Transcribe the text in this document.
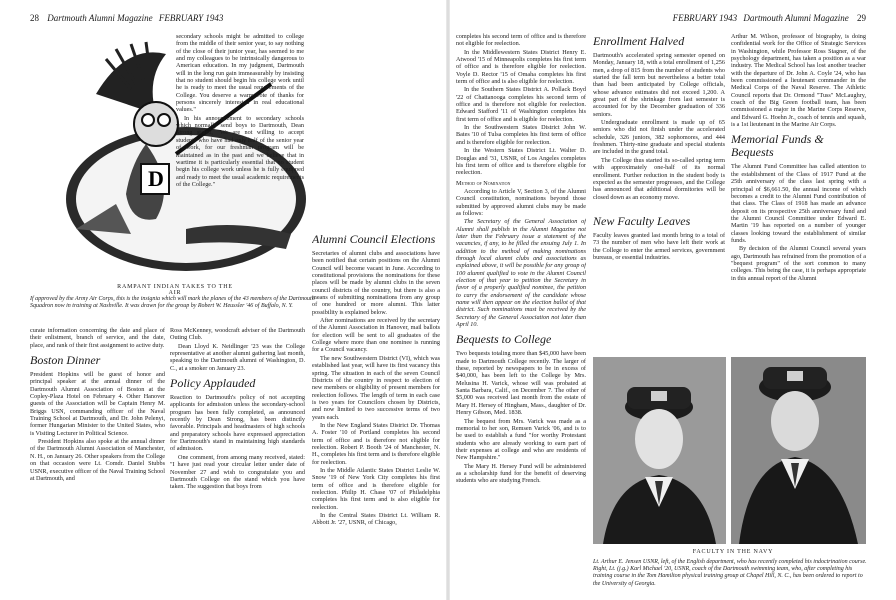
28 Dartmouth Alumni Magazine FEBRUARY 1943
D
RAMPANT INDIAN TAKES TO THE AIR
If approved by the Army Air Corps, this is the insignia which will mark the planes of the 43 members of the Dartmouth Squadron now in training at Nashville. It was drawn for the group by Robert W. Heussler '46 of Buffalo, N. Y.

curate information concerning the date and place of their enlistment, branch of service, and the date, place, and rank of their first assignment to active duty.

Boston Dinner

President Hopkins will be guest of honor and principal speaker at the annual dinner of the Dartmouth Alumni Association of Boston at the Copley-Plaza Hotel on February 4. Other Hanover guests of the Association will be Captain Henry M. Briggs USN, commanding officer of the Naval Training School at Dartmouth, and Dr. John Pelenyi, former Hungarian Minister to the United States, who is Visiting Lecturer in Political Science.

President Hopkins also spoke at the annual dinner of the Dartmouth Alumni Association of Manchester, N. H., on January 26. Other speakers from the College on that occasion were Lt. Comdr. Daniel Stubbs USNR, executive officer of the Naval Training School at Dartmouth, and

Ross McKenney, woodcraft adviser of the Dartmouth Outing Club.

Dean Lloyd K. Neidlinger '23 was the College representative at another alumni gathering last month, speaking to the Dartmouth alumni of Washington, D. C., at a smoker on January 23.

Policy Applauded

Reaction to Dartmouth's policy of not accepting applicants for admission unless the secondary-school program has been fully completed, as announced recently by Dean Strong, has been distinctly favorable. Principals and headmasters of high schools and preparatory schools have expressed appreciation for Dartmouth's stand in maintaining high standards of admission.

One comment, from among many received, stated: "I have just read your circular letter under date of November 27 and wish to congratulate you and Dartmouth College on the stand which you have taken. The suggestion that boys from

secondary schools might be admitted to college from the middle of their senior year, to say nothing of the close of their junior year, has seemed to me and my colleagues to be intrinsically dangerous to American education. In my judgment, Dartmouth will in the long run gain immeasurably by insisting that no student should begin his college work until he is ready to meet the usual requirements of the College. You deserve a warm vote of thanks for persons sincerely interested in real educational values."

In his announcement to secondary schools which normally send boys to Dartmouth, Dean Strong stated, "We are not willing to accept students who have had only half of the senior year of work, for our freshman program will be maintained as in the past and we believe that in wartime it is particularly essential that no student begin his college work unless he is fully equipped and ready to meet the usual academic requirements of the College."

Alumni Council Elections

Secretaries of alumni clubs and associations have been notified that certain positions on the Alumni Council will become vacant in June. According to constitutional provisions the nominations for these places will be made by alumni clubs in the seven council districts of the country, but there is also a means of submitting nominations from any group of one hundred or more alumni. This latter possibility is explained below.

After nominations are received by the secretary of the Alumni Association in Hanover, mail ballots for election will be sent to all graduates of the College where more than one nominee is running for a Council vacancy.

The new Southwestern District (VI), which was established last year, will have its first vacancy this spring. The situation in each of the seven Council Districts of the country in respect to election of new members or eligibility of present members for reelection follows. The length of term in each case is two years for Councilors chosen by Districts, and now limited to two successive terms of two years each.

In the New England States District Dr. Thomas A. Foster '10 of Portland completes his second term of office and is therefore not eligible for reelection. Robert P. Booth '24 of Manchester, N. H., completes his first term and is therefore eligible for reelection.

In the Middle Atlantic States District Leslie W. Snow '19 of New York City completes his first term of office and is therefore eligible for reelection. Philip H. Chase '07 of Philadelphia completes his first term and is also eligible for reelection.

In the Central States District Lt. William R. Abbott Jr. '27, USNR, of Chicago,

FEBRUARY 1943 Dartmouth Alumni Magazine 29

completes his second term of office and is therefore not eligible for reelection.

In the Middlewestern States District Henry E. Atwood '15 of Minneapolis completes his first term of office and is therefore eligible for reelection. Voyle D. Rector '15 of Omaha completes his first term of office and is also eligible for reelection.

In the Southern States District A. Pollack Boyd '22 of Chattanooga completes his second term of office and is therefore not eligible for reelection. Edward Stafford '11 of Washington completes his first term of office and is eligible for reelection.

In the Southwestern States District John W. Bates '10 of Tulsa completes his first term of office and is therefore eligible for reelection.

In the Western States District Lt. Walter D. Douglas and '31, USNR, of Los Angeles completes his first term of office and is therefore eligible for reelection.

Method of Nomination

According to Article V, Section 3, of the Alumni Council constitution, nominations beyond those submitted by approved alumni clubs may be made as follows:

The Secretary of the General Association of Alumni shall publish in the Alumni Magazine not later than the February issue a statement of the vacancies, if any, to be filled the ensuing July 1. In addition to the method of making nominations through local alumni clubs and associations as explained above, it will be possible for any group of 100 alumni qualified to vote in the Alumni Council election of that year to petition the Secretary in favor of a properly qualified nominee, the petition to carry the endorsement of the candidate whose name will then appear on the election ballot of that district. Such nominations must be received by the Secretary of the General Association not later than April 10.

Bequests to College

Two bequests totaling more than $45,000 have been made to Dartmouth College recently. The larger of these, reported by newspapers to be in excess of $40,000, has been left to the College by Mrs. Melusina H. Varick, whose will was probated at Santa Barbara, Calif., on December 7. The other of $5,000 was received last month from the estate of Mary H. Hersey of Hingham, Mass., daughter of Dr. Henry Gibson, Med. 1838.

The bequest from Mrs. Varick was made as a memorial to her son, Remsen Varick '06, and is to be used to establish a fund "for worthy Protestant students who are already working to earn part of their expenses at college and who are residents of New Hampshire."

The Mary H. Hersey Fund will be administered as a scholarship fund for the benefit of deserving students who are studying French.

Enrollment Halved

Dartmouth's accelerated spring semester opened on Monday, January 18, with a total enrollment of 1,256 men, a drop of 815 from the number of students who started the fall term but nevertheless a better total than had been anticipated by College officials, whose advance estimates did not exceed 1,200. A great part of the shrinkage from last semester is accounted for by the December graduation of 336 seniors.

Undergraduate enrollment is made up of 65 seniors who did not finish under the accelerated schedule, 326 juniors, 382 sophomores, and 444 freshmen. Thirty-nine graduate and special students are included in the grand total.

The College thus started its so-called spring term with approximately one-half of its normal enrollment. Further reduction in the student body is expected as the semester progresses, and the College has announced that additional dormitories will be closed down as an economy move.

New Faculty Leaves

Faculty leaves granted last month bring to a total of 73 the number of men who have left their work at the College to enter the armed services, government bureaus, or essential industries.

Arthur M. Wilson, professor of biography, is doing confidential work for the Office of Strategic Services in Washington, while Professor Ross Stagner, of the psychology department, has taken a position as a war industry. The Medical School has lost another teacher with the departure of Dr. John A. Coyle '24, who has been commissioned a lieutenant commander in the Medical Corps of the Naval Reserve. The Athletic Council reports that Dr. Ormond "Tuss" McLaughry, coach of the Big Green football team, has been commissioned a major in the Marine Corps Reserve, and Edward G. Hoehn Jr., coach of tennis and squash, is a 1st lieutenant in the Marine Air Corps.

Memorial Funds & Bequests

The Alumni Fund Committee has called attention to the establishment of the Class of 1917 Fund at the 25th anniversary of the class last spring with a principal of $6,661.50, the annual income of which becomes a credit to the Alumni Fund contribution of that class. The Class of 1918 has made an advance deposit on its prospective 25th anniversary fund and the Alumni Council Committee under Edward E. Martin '19 has reported on a number of younger classes looking toward the establishment of similar funds.

By decision of the Alumni Council several years ago, Dartmouth has refrained from the promotion of a "bequest program" of the sort common to many colleges. This being the case, it is perhaps appropriate in this annual report of the Alumni

FACULTY IN THE NAVY
Lt. Arthur E. Jensen USNR, left, of the English department, who has recently completed his indoctrination course. Right, Lt. (j.g.) Karl Michael '20, USNR, coach of the Dartmouth swimming team, who, after completing his training course in the Tom Hamilton physical training group at Chapel Hill, N. C., has been ordered to report to the University of Georgia.
